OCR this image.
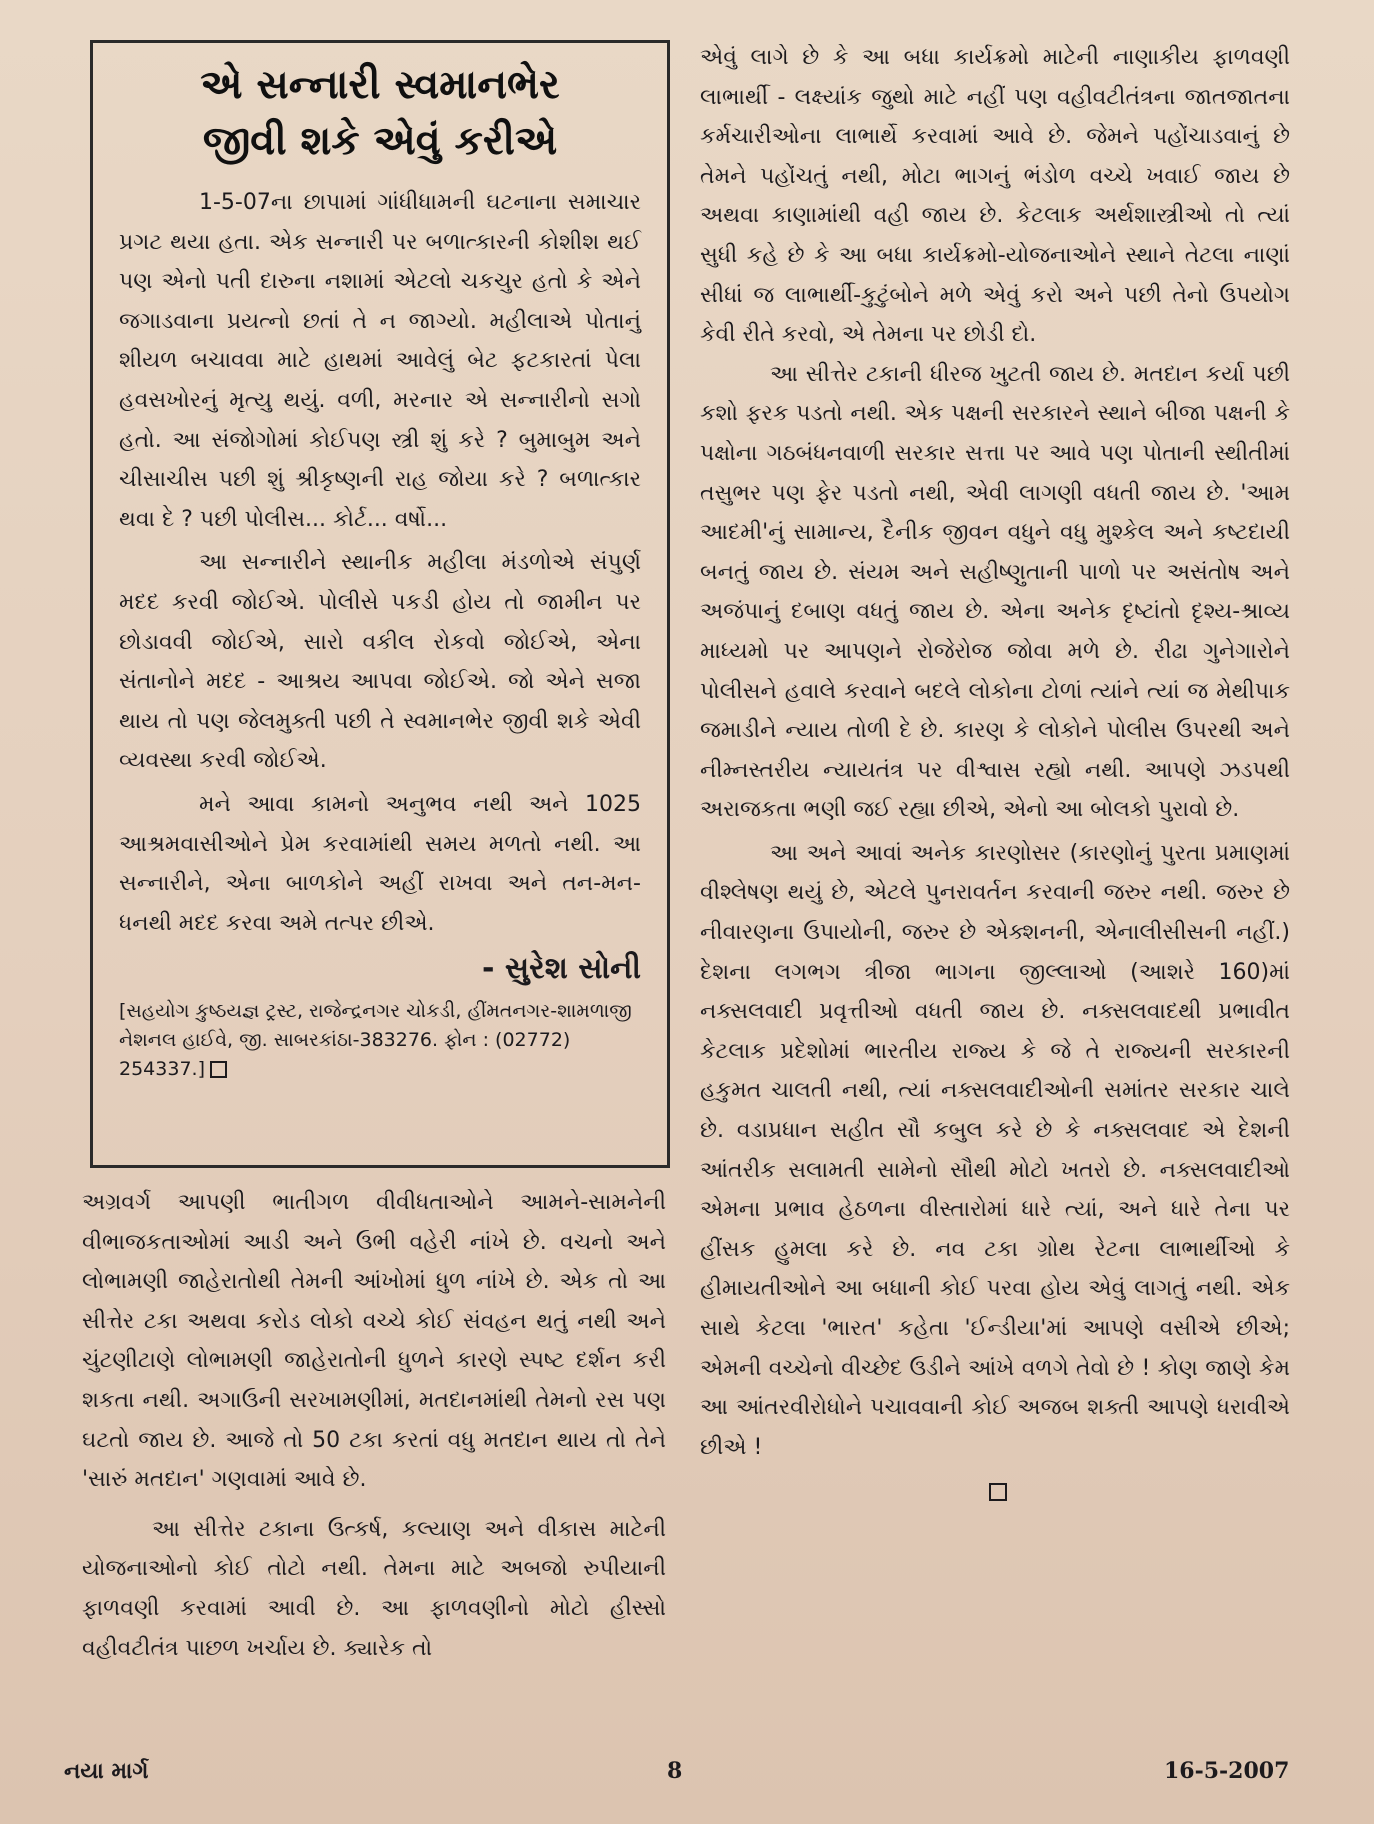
એ સન્નારી સ્વમાનભેર
જીવી શકે એવું કરીએ

1-5-07ના છાપામાં ગાંધીધામની ઘટનાના સમાચાર પ્રગટ થયા હતા. એક સન્નારી પર બળાત્કારની કોશીશ થઈ પણ એનો પતી દારુના નશામાં એટલો ચકચુર હતો કે એને જગાડવાના પ્રયત્નો છતાં તે ન જાગ્યો. મહીલાએ પોતાનું શીયળ બચાવવા માટે હાથમાં આવેલું બેટ ફટકારતાં પેલા હવસખોરનું મૃત્યુ થયું. વળી, મરનાર એ સન્નારીનો સગો હતો. આ સંજોગોમાં કોઈપણ સ્ત્રી શું કરે ? બુમાબુમ અને ચીસાચીસ પછી શું શ્રીકૃષ્ણની રાહ જોયા કરે ? બળાત્કાર થવા દે ? પછી પોલીસ... કોર્ટ... વર્ષો...

આ સન્નારીને સ્થાનીક મહીલા મંડળોએ સંપુર્ણ મદદ કરવી જોઈએ. પોલીસે પકડી હોય તો જામીન પર છોડાવવી જોઈએ, સારો વકીલ રોકવો જોઈએ, એના સંતાનોને મદદ - આશ્રય આપવા જોઈએ. જો એને સજા થાય તો પણ જેલમુક્તી પછી તે સ્વમાનભેર જીવી શકે એવી વ્યવસ્થા કરવી જોઈએ.

મને આવા કામનો અનુભવ નથી અને 1025 આશ્રમવાસીઓને પ્રેમ કરવામાંથી સમય મળતો નથી. આ સન્નારીને, એના બાળકોને અહીં રાખવા અને તન-મન-ધનથી મદદ કરવા અમે તત્પર છીએ.

- સુરેશ સોની
[સહયોગ કુષ્ઠયજ્ઞ ટ્રસ્ટ, રાજેન્દ્રનગર ચોકડી, હીંમતનગર-શામળાજી નેશનલ હાઈવે, જી. સાબરકાંઠા-383276. ફોન : (02772) 254337.]

અગ્રવર્ગ આપણી ભાતીગળ વીવીધતાઓને આમને-સામનેની વીભાજકતાઓમાં આડી અને ઉભી વહેરી નાંખે છે. વચનો અને લોભામણી જાહેરાતોથી તેમની આંખોમાં ધુળ નાંખે છે. એક તો આ સીત્તેર ટકા અથવા કરોડ લોકો વચ્ચે કોઈ સંવહન થતું નથી અને ચુંટણીટાણે લોભામણી જાહેરાતોની ધુળને કારણે સ્પષ્ટ દર્શન કરી શકતા નથી. અગાઉની સરખામણીમાં, મતદાનમાંથી તેમનો રસ પણ ઘટતો જાય છે. આજે તો 50 ટકા કરતાં વધુ મતદાન થાય તો તેને 'સારું મતદાન' ગણવામાં આવે છે.

આ સીત્તેર ટકાના ઉત્કર્ષ, કલ્યાણ અને વીકાસ માટેની યોજનાઓનો કોઈ તોટો નથી. તેમના માટે અબજો રુપીયાની ફાળવણી કરવામાં આવી છે. આ ફાળવણીનો મોટો હીસ્સો વહીવટીતંત્ર પાછળ ખર્ચાય છે. ક્યારેક તો

એવું લાગે છે કે આ બધા કાર્યક્રમો માટેની નાણાકીય ફાળવણી લાભાર્થી - લક્ષ્યાંક જુથો માટે નહીં પણ વહીવટીતંત્રના જાતજાતના કર્મચારીઓના લાભાર્થે કરવામાં આવે છે. જેમને પહોંચાડવાનું છે તેમને પહોંચતું નથી, મોટા ભાગનું ભંડોળ વચ્ચે ખવાઈ જાય છે અથવા કાણામાંથી વહી જાય છે. કેટલાક અર્થશાસ્ત્રીઓ તો ત્યાં સુધી કહે છે કે આ બધા કાર્યક્રમો-યોજનાઓને સ્થાને તેટલા નાણાં સીધાં જ લાભાર્થી-કુટુંબોને મળે એવું કરો અને પછી તેનો ઉપયોગ કેવી રીતે કરવો, એ તેમના પર છોડી દો.

આ સીત્તેર ટકાની ધીરજ ખુટતી જાય છે. મતદાન કર્યા પછી કશો ફરક પડતો નથી. એક પક્ષની સરકારને સ્થાને બીજા પક્ષની કે પક્ષોના ગઠબંધનવાળી સરકાર સત્તા પર આવે પણ પોતાની સ્થીતીમાં તસુભર પણ ફેર પડતો નથી, એવી લાગણી વધતી જાય છે. 'આમ આદમી'નું સામાન્ય, દૈનીક જીવન વધુને વધુ મુશ્કેલ અને કષ્ટદાયી બનતું જાય છે. સંયમ અને સહીષ્ણુતાની પાળો પર અસંતોષ અને અજંપાનું દબાણ વધતું જાય છે. એના અનેક દૃષ્ટાંતો દૃશ્ય-શ્રાવ્ય માધ્યમો પર આપણને રોજેરોજ જોવા મળે છે. રીઢા ગુનેગારોને પોલીસને હવાલે કરવાને બદલે લોકોના ટોળાં ત્યાંને ત્યાં જ મેથીપાક જમાડીને ન્યાય તોળી દે છે. કારણ કે લોકોને પોલીસ ઉપરથી અને નીમ્નસ્તરીય ન્યાયતંત્ર પર વીશ્વાસ રહ્યો નથી. આપણે ઝડપથી અરાજકતા ભણી જઈ રહ્યા છીએ, એનો આ બોલકો પુરાવો છે.

આ અને આવાં અનેક કારણોસર (કારણોનું પુરતા પ્રમાણમાં વીશ્લેષણ થયું છે, એટલે પુનરાવર્તન કરવાની જરુર નથી. જરુર છે નીવારણના ઉપાયોની, જરુર છે એક્શનની, એનાલીસીસની નહીં.) દેશના લગભગ ત્રીજા ભાગના જીલ્લાઓ (આશરે 160)માં નક્સલવાદી પ્રવૃત્તીઓ વધતી જાય છે. નક્સલવાદથી પ્રભાવીત કેટલાક પ્રદેશોમાં ભારતીય રાજ્ય કે જે તે રાજ્યની સરકારની હકુમત ચાલતી નથી, ત્યાં નક્સલવાદીઓની સમાંતર સરકાર ચાલે છે. વડાપ્રધાન સહીત સૌ કબુલ કરે છે કે નક્સલવાદ એ દેશની આંતરીક સલામતી સામેનો સૌથી મોટો ખતરો છે. નક્સલવાદીઓ એમના પ્રભાવ હેઠળના વીસ્તારોમાં ધારે ત્યાં, અને ધારે તેના પર હીંસક હુમલા કરે છે. નવ ટકા ગ્રોથ રેટના લાભાર્થીઓ કે હીમાયતીઓને આ બધાની કોઈ પરવા હોય એવું લાગતું નથી. એક સાથે કેટલા 'ભારત' કહેતા 'ઈન્ડીયા'માં આપણે વસીએ છીએ; એમની વચ્ચેનો વીચ્છેદ ઉડીને આંખે વળગે તેવો છે ! કોણ જાણે કેમ આ આંતરવીરોધોને પચાવવાની કોઈ અજબ શક્તી આપણે ધરાવીએ છીએ !

નયા માર્ગ	8	16-5-2007
